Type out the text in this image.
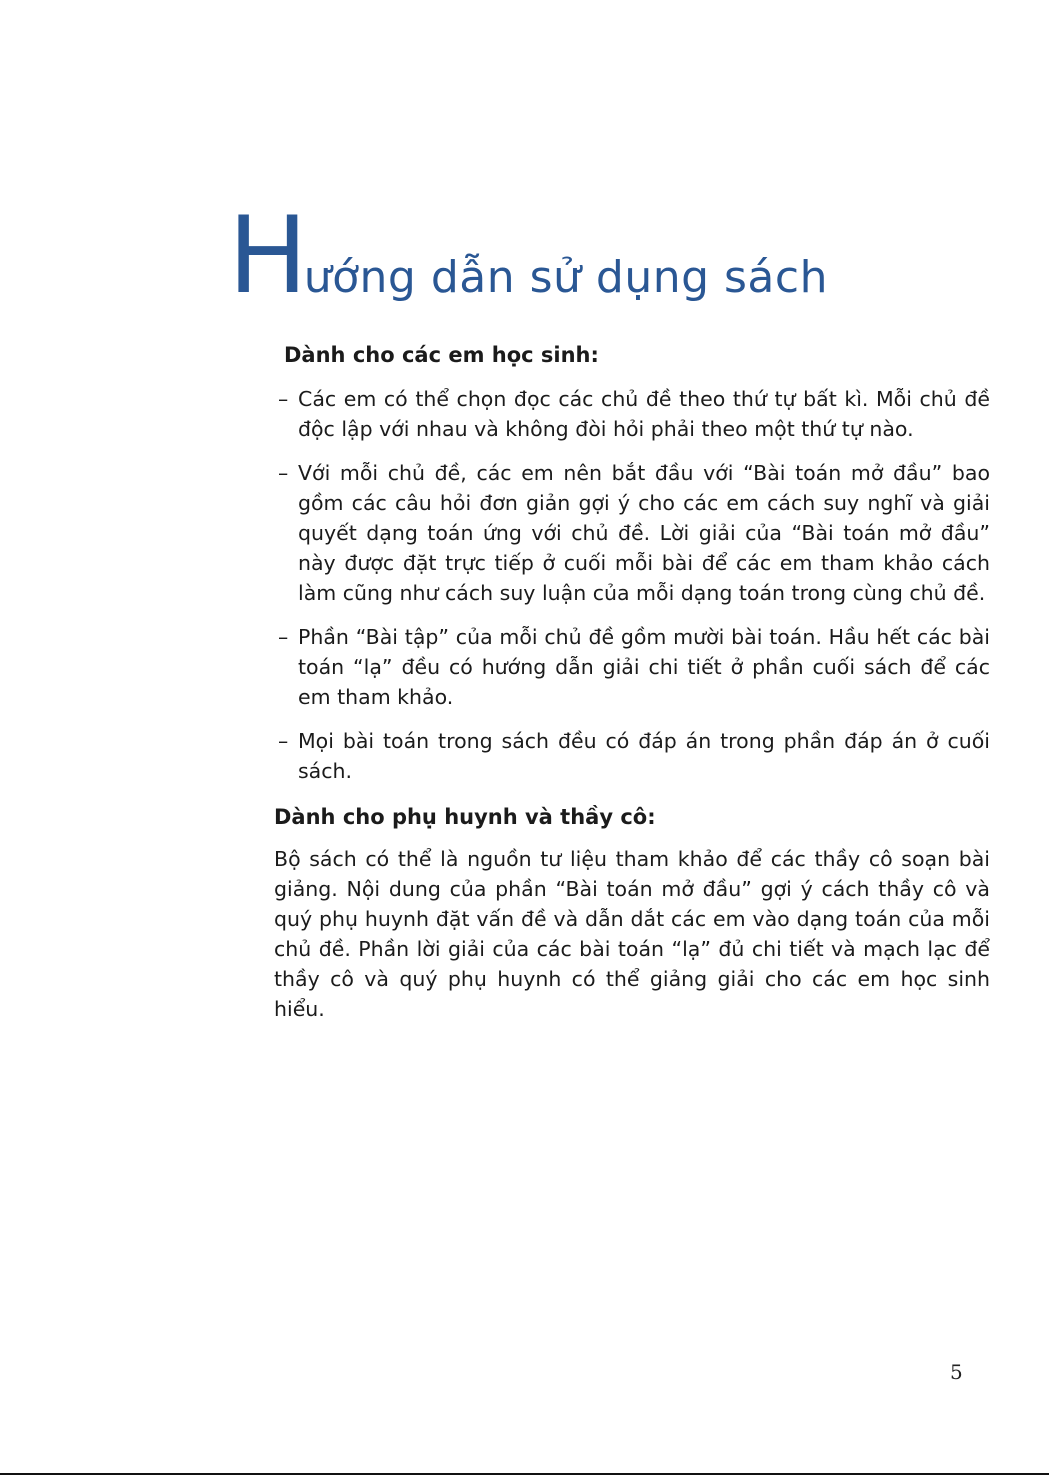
Hướng dẫn sử dụng sách
Dành cho các em học sinh:
– Các em có thể chọn đọc các chủ đề theo thứ tự bất kì. Mỗi chủ đề độc lập với nhau và không đòi hỏi phải theo một thứ tự nào.
– Với mỗi chủ đề, các em nên bắt đầu với “Bài toán mở đầu” bao gồm các câu hỏi đơn giản gợi ý cho các em cách suy nghĩ và giải quyết dạng toán ứng với chủ đề. Lời giải của “Bài toán mở đầu” này được đặt trực tiếp ở cuối mỗi bài để các em tham khảo cách làm cũng như cách suy luận của mỗi dạng toán trong cùng chủ đề.
– Phần “Bài tập” của mỗi chủ đề gồm mười bài toán. Hầu hết các bài toán “lạ” đều có hướng dẫn giải chi tiết ở phần cuối sách để các em tham khảo.
– Mọi bài toán trong sách đều có đáp án trong phần đáp án ở cuối sách.
Dành cho phụ huynh và thầy cô:

Bộ sách có thể là nguồn tư liệu tham khảo để các thầy cô soạn bài giảng. Nội dung của phần “Bài toán mở đầu” gợi ý cách thầy cô và quý phụ huynh đặt vấn đề và dẫn dắt các em vào dạng toán của mỗi chủ đề. Phần lời giải của các bài toán “lạ” đủ chi tiết và mạch lạc để thầy cô và quý phụ huynh có thể giảng giải cho các em học sinh hiểu.

5
